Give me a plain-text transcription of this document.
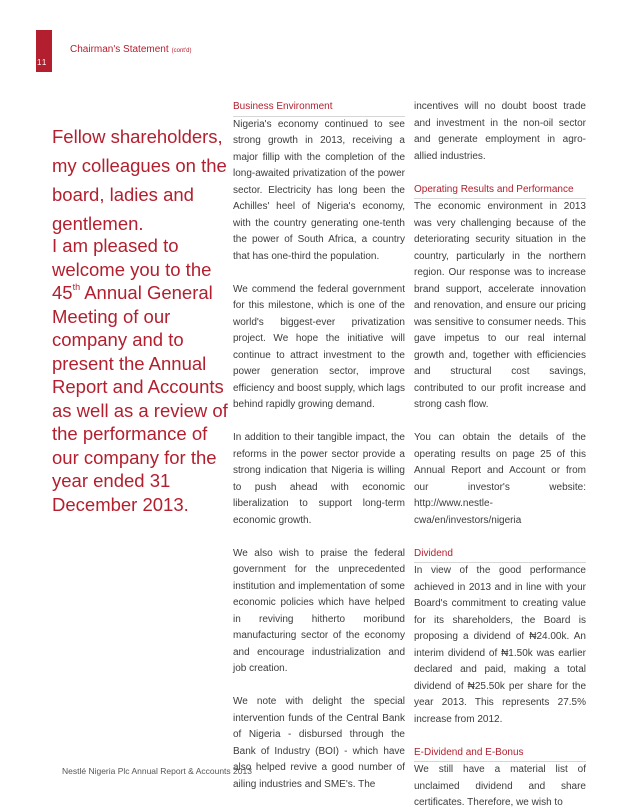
11
Chairman's Statement (cont'd)
Fellow shareholders, my colleagues on the board, ladies and gentlemen.
I am pleased to welcome you to the 45th Annual General Meeting of our company and to present the Annual Report and Accounts as well as a review of the performance of our company for the year ended 31 December 2013.

Business Environment

Nigeria's economy continued to see strong growth in 2013, receiving a major fillip with the completion of the long-awaited privatization of the power sector. Electricity has long been the Achilles' heel of Nigeria's economy, with the country generating one-tenth the power of South Africa, a country that has one-third the population.

We commend the federal government for this milestone, which is one of the world's biggest-ever privatization project. We hope the initiative will continue to attract investment to the power generation sector, improve efficiency and boost supply, which lags behind rapidly growing demand.

In addition to their tangible impact, the reforms in the power sector provide a strong indication that Nigeria is willing to push ahead with economic liberalization to support long-term economic growth.

We also wish to praise the federal government for the unprecedented institution and implementation of some economic policies which have helped in reviving hitherto moribund manufacturing sector of the economy and encourage industrialization and job creation.

We note with delight the special intervention funds of the Central Bank of Nigeria - disbursed through the Bank of Industry (BOI) - which have also helped revive a good number of ailing industries and SME's. The

incentives will no doubt boost trade and investment in the non-oil sector and generate employment in agro-allied industries.

Operating Results and Performance

The economic environment in 2013 was very challenging because of the deteriorating security situation in the country, particularly in the northern region. Our response was to increase brand support, accelerate innovation and renovation, and ensure our pricing was sensitive to consumer needs. This gave impetus to our real internal growth and, together with efficiencies and structural cost savings, contributed to our profit increase and strong cash flow.

You can obtain the details of the operating results on page 25 of this Annual Report and Account or from our investor's website: http://www.nestle-cwa/en/investors/nigeria

Dividend

In view of the good performance achieved in 2013 and in line with your Board's commitment to creating value for its shareholders, the Board is proposing a dividend of ₦24.00k. An interim dividend of ₦1.50k was earlier declared and paid, making a total dividend of ₦25.50k per share for the year 2013. This represents 27.5% increase from 2012.

E-Dividend and E-Bonus

We still have a material list of unclaimed dividend and share certificates. Therefore, we wish to

Nestlé Nigeria Plc Annual Report & Accounts 2013
